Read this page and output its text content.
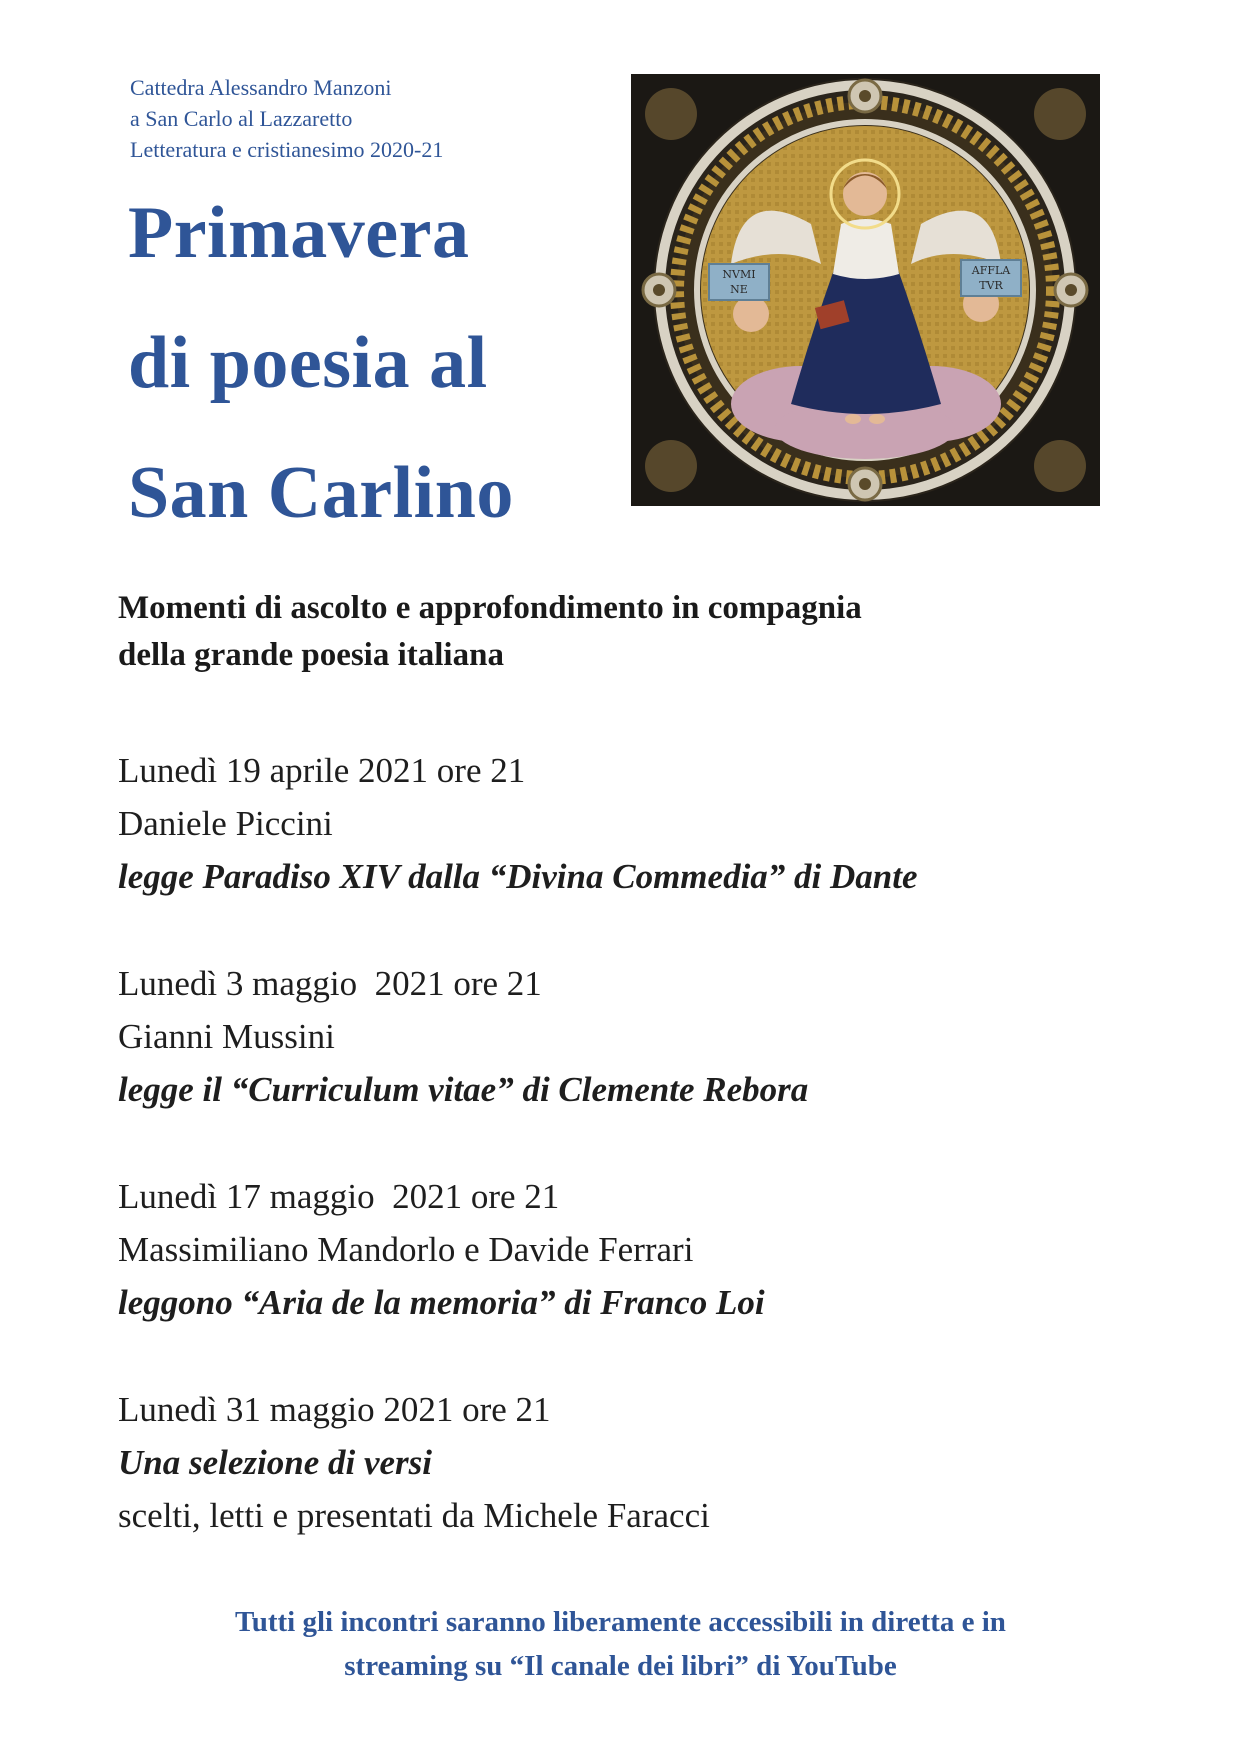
Cattedra Alessandro Manzoni
a San Carlo al Lazzaretto
Letteratura e cristianesimo 2020-21
Primavera
di poesia al
San Carlino
NVMI
NE
AFFLA
TVR
Momenti di ascolto e approfondimento in compagnia
della grande poesia italiana
Lunedì 19 aprile 2021 ore 21
Daniele Piccini
legge Paradiso XIV dalla “Divina Commedia” di Dante
Lunedì 3 maggio  2021 ore 21
Gianni Mussini
legge il “Curriculum vitae” di Clemente Rebora
Lunedì 17 maggio  2021 ore 21
Massimiliano Mandorlo e Davide Ferrari
leggono “Aria de la memoria” di Franco Loi
Lunedì 31 maggio 2021 ore 21
Una selezione di versi
scelti, letti e presentati da Michele Faracci
Tutti gli incontri saranno liberamente accessibili in diretta e in
streaming su “Il canale dei libri” di YouTube
